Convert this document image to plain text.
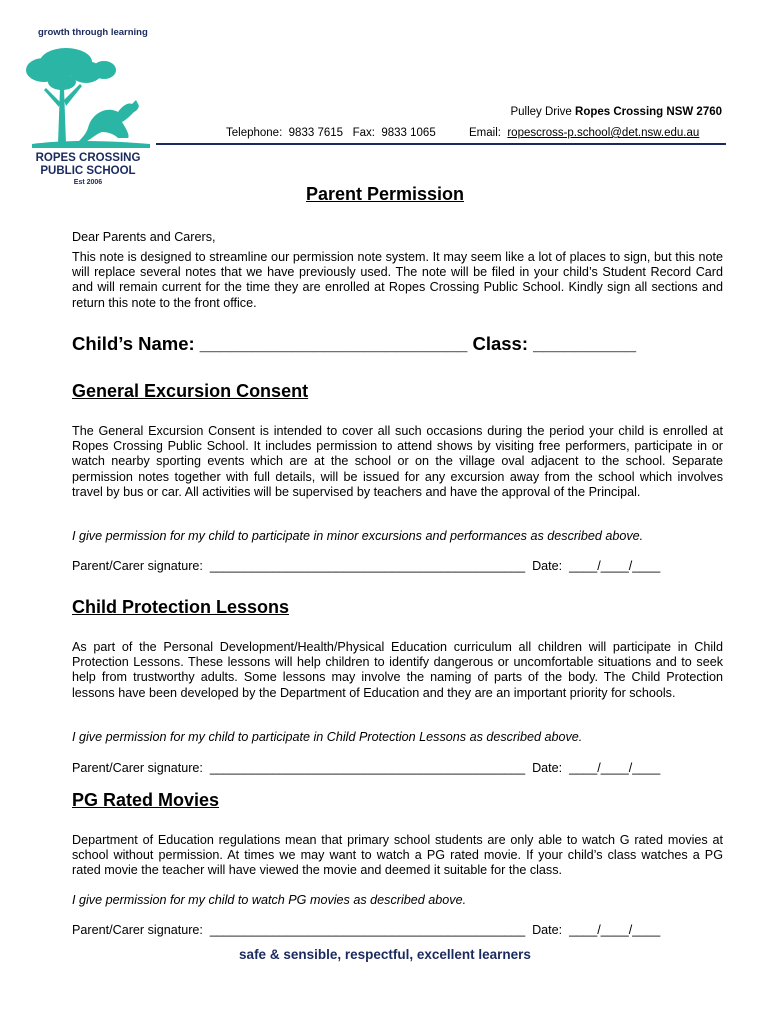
growth through learning
ROPES CROSSING PUBLIC SCHOOL
Est 2006
Pulley Drive Ropes Crossing NSW 2760
Telephone:  9833 7615   Fax:  9833 1065	Email:  ropescross-p.school@det.nsw.edu.au
Parent Permission
Dear Parents and Carers,
This note is designed to streamline our permission note system. It may seem like a lot of places to sign, but this note will replace several notes that we have previously used. The note will be filed in your child’s Student Record Card and will remain current for the time they are enrolled at Ropes Crossing Public School. Kindly sign all sections and return this note to the front office.
Child’s Name: __________________________ Class: __________
General Excursion Consent
The General Excursion Consent is intended to cover all such occasions during the period your child is enrolled at Ropes Crossing Public School. It includes permission to attend shows by visiting free performers, participate in or watch nearby sporting events which are at the school or on the village oval adjacent to the school. Separate permission notes together with full details, will be issued for any excursion away from the school which involves travel by bus or car. All activities will be supervised by teachers and have the approval of the Principal.
I give permission for my child to participate in minor excursions and performances as described above.
Parent/Carer signature:  _____________________________________________  Date:  ____/____/____
Child Protection Lessons
As part of the Personal Development/Health/Physical Education curriculum all children will participate in Child Protection Lessons. These lessons will help children to identify dangerous or uncomfortable situations and to seek help from trustworthy adults. Some lessons may involve the naming of parts of the body. The Child Protection lessons have been developed by the Department of Education and they are an important priority for schools.
I give permission for my child to participate in Child Protection Lessons as described above.
Parent/Carer signature:  _____________________________________________  Date:  ____/____/____
PG Rated Movies
Department of Education regulations mean that primary school students are only able to watch G rated movies at school without permission. At times we may want to watch a PG rated movie. If your child’s class watches a PG rated movie the teacher will have viewed the movie and deemed it suitable for the class.
I give permission for my child to watch PG movies as described above.
Parent/Carer signature:  _____________________________________________  Date:  ____/____/____
safe & sensible, respectful, excellent learners
